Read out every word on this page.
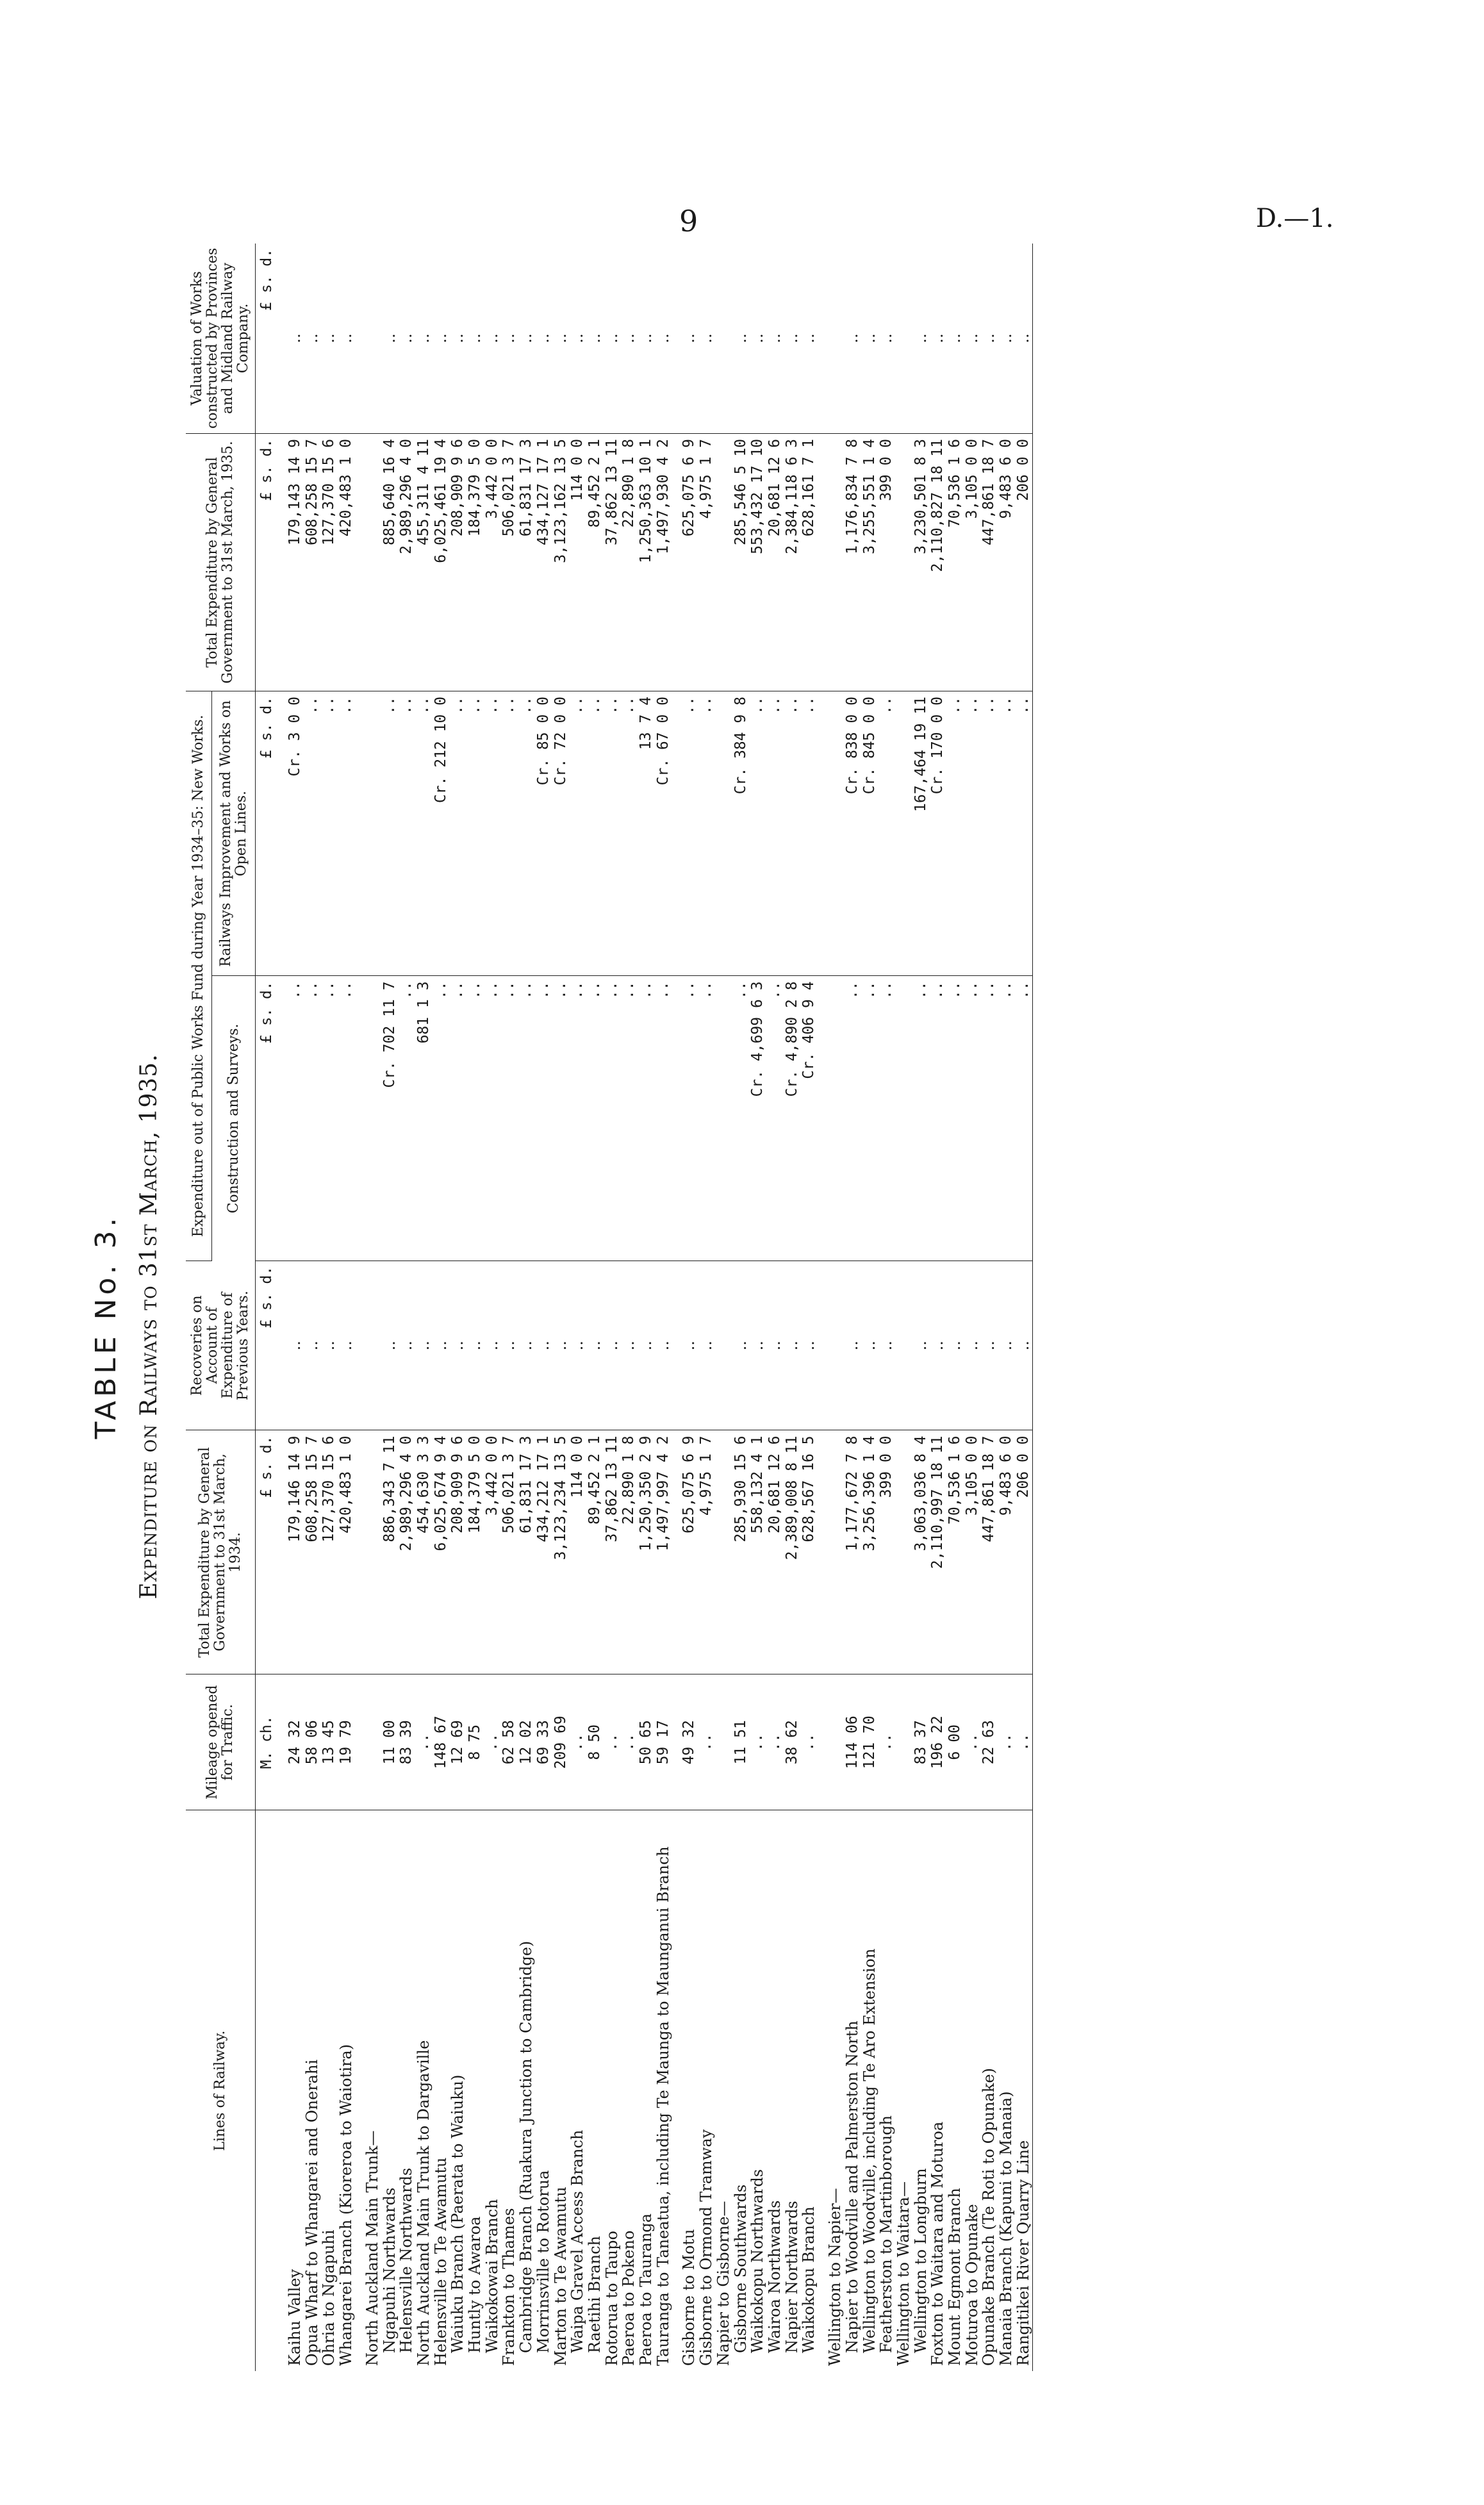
9	D.—1.
TABLE No. 3. Expenditure on Railways to 31st March, 1935.
Lines of Railway.	Mileage opened for Traffic.	Total Expenditure by General Government to 31st March, 1934.	Recoveries on Account of Expenditure of Previous Years.	Expenditure out of Public Works Fund during Year 1934–35: New Works.		Total Expenditure by General Government to 31st March, 1935.	Valuation of Works constructed by Provinces and Midland Railway Company.
				Construction and Surveys.	Railways Improvement and Works on Open Lines.		
	M. ch.	£ s. d.	£ s. d.	£ s. d.	£ s. d.	£ s. d.	£ s. d.

Kaihu Valley	24 32	179,146 14 9	..	..	Cr. 3 0 0	179,143 14 9	..
Opua Wharf to Whangarei and Onerahi	58 06	608,258 15 7	..	..	..	608,258 15 7	..
Ohria to Ngapuhi	13 45	127,370 15 6	..	..	..	127,370 15 6	..
Whangarei Branch (Kioreroa to Waiotira)	19 79	420,483 1 0	..	..	..	420,483 1 0	..

North Auckland Main Trunk—							
Ngapuhi Northwards	11 00	886,343 7 11	..	Cr. 702 11 7	..	885,640 16 4	..
Helensville Northwards	83 39	2,989,296 4 0	..	..	..	2,989,296 4 0	..
North Auckland Main Trunk to Dargaville	..	454,630 3 3	..	681 1 3	..	455,311 4 11	..
Helensville to Te Awamutu	148 67	6,025,674 9 4	..	..	Cr. 212 10 0	6,025,461 19 4	..
Waiuku Branch (Paerata to Waiuku)	12 69	208,909 9 6	..	..	..	208,909 9 6	..
Huntly to Awaroa	8 75	184,379 5 0	..	..	..	184,379 5 0	..
Waikokowai Branch	..	3,442 0 0	..	..	..	3,442 0 0	..
Frankton to Thames	62 58	506,021 3 7	..	..	..	506,021 3 7	..
Cambridge Branch (Ruakura Junction to Cambridge)	12 02	61,831 17 3	..	..	..	61,831 17 3	..
Morrinsville to Rotorua	69 33	434,212 17 1	..	..	Cr. 85 0 0	434,127 17 1	..
Marton to Te Awamutu	209 69	3,123,234 13 5	..	..	Cr. 72 0 0	3,123,162 13 5	..
Waipa Gravel Access Branch	..	114 0 0	..	..	..	114 0 0	..
Raetihi Branch	8 50	89,452 2 1	..	..	..	89,452 2 1	..
Rotorua to Taupo	..	37,862 13 11	..	..	..	37,862 13 11	..
Paeroa to Pokeno	..	22,890 1 8	..	..	..	22,890 1 8	..
Paeroa to Tauranga	50 65	1,250,350 2 9	..	..	13 7 4	1,250,363 10 1	..
Tauranga to Taneatua, including Te Maunga to Maunganui Branch	59 17	1,497,997 4 2	..	..	Cr. 67 0 0	1,497,930 4 2	..

Gisborne to Motu	49 32	625,075 6 9	..	..	..	625,075 6 9	..
Gisborne to Ormond Tramway	..	4,975 1 7	..	..	..	4,975 1 7	..
Napier to Gisborne—							
Gisborne Southwards	11 51	285,930 15 6	..	..	Cr. 384 9 8	285,546 5 10	..
Waikokopu Northwards	..	558,132 4 1	..	Cr. 4,699 6 3	..	553,432 17 10	..
Wairoa Northwards	..	20,681 12 6	..	..	..	20,681 12 6	..
Napier Northwards	38 62	2,389,008 8 11	..	Cr. 4,890 2 8	..	2,384,118 6 3	..
Waikokopu Branch	..	628,567 16 5	..	Cr. 406 9 4	..	628,161 7 1	..

Wellington to Napier—							
Napier to Woodville and Palmerston North	114 06	1,177,672 7 8	..	..	Cr. 838 0 0	1,176,834 7 8	..
Wellington to Woodville, including Te Aro Extension	121 70	3,256,396 1 4	..	..	Cr. 845 0 0	3,255,551 1 4	..
Featherston to Martinborough	..	399 0 0	..	..	..	399 0 0	..
Wellington to Waitara—							
Wellington to Longburn	83 37	3,063,036 8 4	..	..	167,464 19 11	3,230,501 8 3	..
Foxton to Waitara and Moturoa	196 22	2,110,997 18 11	..	..	Cr. 170 0 0	2,110,827 18 11	..
Mount Egmont Branch	6 00	70,536 1 6	..	..	..	70,536 1 6	..
Moturoa to Opunake	..	3,105 0 0	..	..	..	3,105 0 0	..
Opunake Branch (Te Roti to Opunake)	22 63	447,861 18 7	..	..	..	447,861 18 7	..
Manaia Branch (Kapuni to Manaia)	..	9,483 6 0	..	..	..	9,483 6 0	..
Rangitikei River Quarry Line	..	206 0 0	..	..	..	206 0 0	..
